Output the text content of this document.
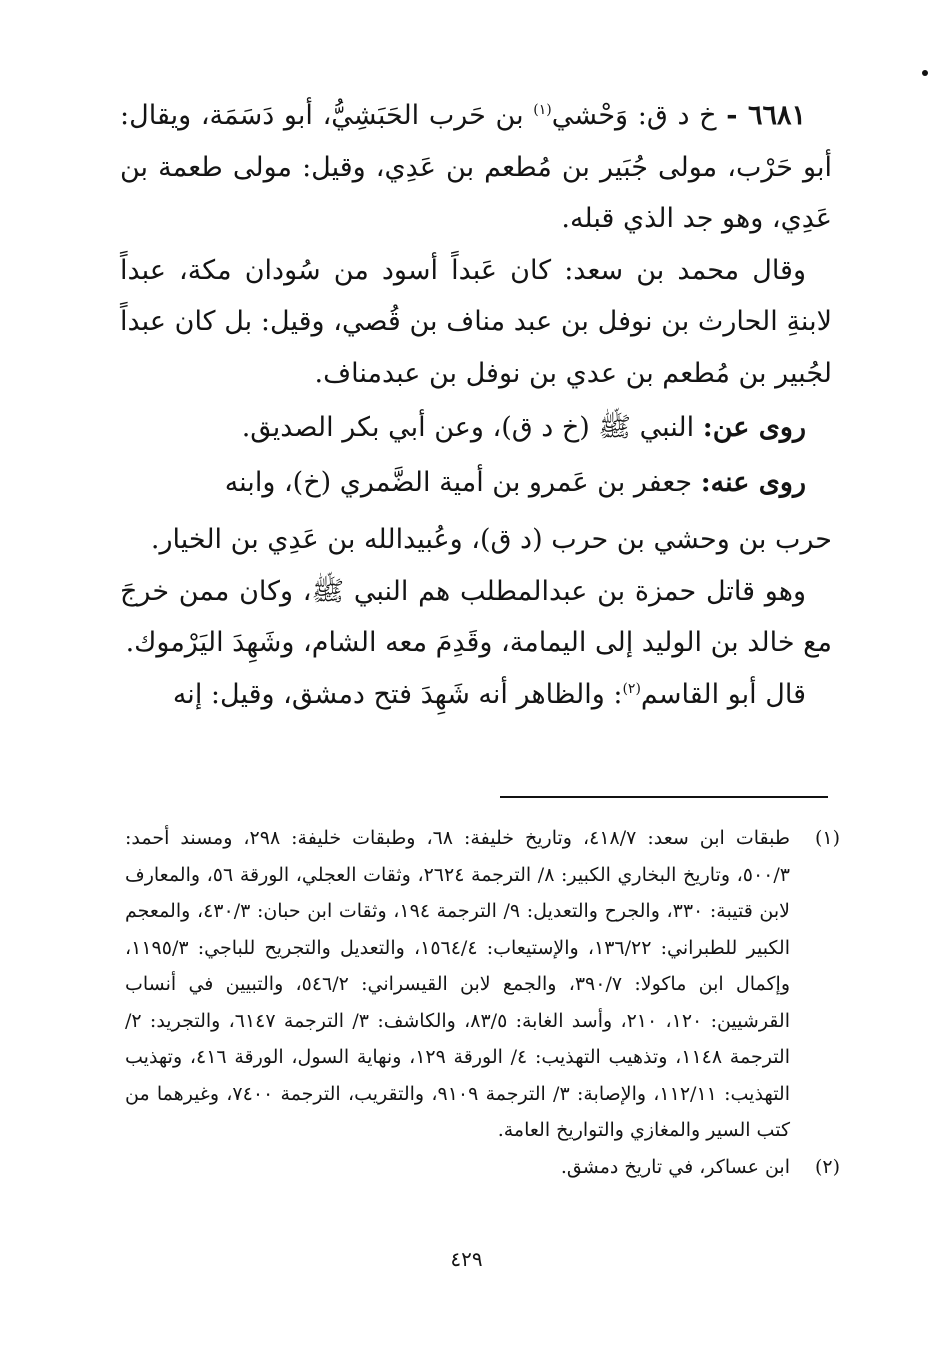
٦٦٨١ - خ د ق: وَحْشي$^{(١)}$ بن حَرب الحَبَشِيُّ، أبو دَسَمَة، ويقال: أبو حَرْب، مولى جُبَير بن مُطعم بن عَدِي، وقيل: مولى طعمة بن عَدِي، وهو جد الذي قبله.

وقال محمد بن سعد: كان عَبداً أسود من سُودان مكة، عبداً لابنةِ الحارث بن نوفل بن عبد مناف بن قُصي، وقيل: بل كان عبداً لجُبير بن مُطعم بن عدي بن نوفل بن عبدمناف.

روى عن: النبي ﷺ (خ د ق)، وعن أبي بكر الصديق.

روى عنه: جعفر بن عَمرو بن أمية الضَّمري (خ)، وابنه

حرب بن وحشي بن حرب (د ق)، وعُبيدالله بن عَدِي بن الخيار.

وهو قاتل حمزة بن عبدالمطلب هم النبي ﷺ، وكان ممن خرجَ مع خالد بن الوليد إلى اليمامة، وقَدِمَ معه الشام، وشَهِدَ اليَرْموك.

قال أبو القاسم$^{(٢)}$: والظاهر أنه شَهِدَ فتح دمشق، وقيل: إنه

(١)
طبقات ابن سعد: ٤١٨/٧، وتاريخ خليفة: ٦٨، وطبقات خليفة: ٢٩٨، ومسند أحمد: ٥٠٠/٣، وتاريخ البخاري الكبير: ٨/ الترجمة ٢٦٢٤، وثقات العجلي، الورقة ٥٦، والمعارف لابن قتيبة: ٣٣٠، والجرح والتعديل: ٩/ الترجمة ١٩٤، وثقات ابن حبان: ٤٣٠/٣، والمعجم الكبير للطبراني: ١٣٦/٢٢، والإستيعاب: ١٥٦٤/٤، والتعديل والتجريح للباجي: ١١٩٥/٣، وإكمال ابن ماكولا: ٣٩٠/٧، والجمع لابن القيسراني: ٥٤٦/٢، والتبيين في أنساب القرشيين: ١٢٠، ٢١٠، وأسد الغابة: ٨٣/٥، والكاشف: ٣/ الترجمة ٦١٤٧، والتجريد: ٢/ الترجمة ١١٤٨، وتذهيب التهذيب: ٤/ الورقة ١٢٩، ونهاية السول، الورقة ٤١٦، وتهذيب التهذيب: ١١٢/١١، والإصابة: ٣/ الترجمة ٩١٠٩، والتقريب، الترجمة ٧٤٠٠، وغيرهما من كتب السير والمغازي والتواريخ العامة.
(٢)
ابن عساكر، في تاريخ دمشق.
٤٢٩
